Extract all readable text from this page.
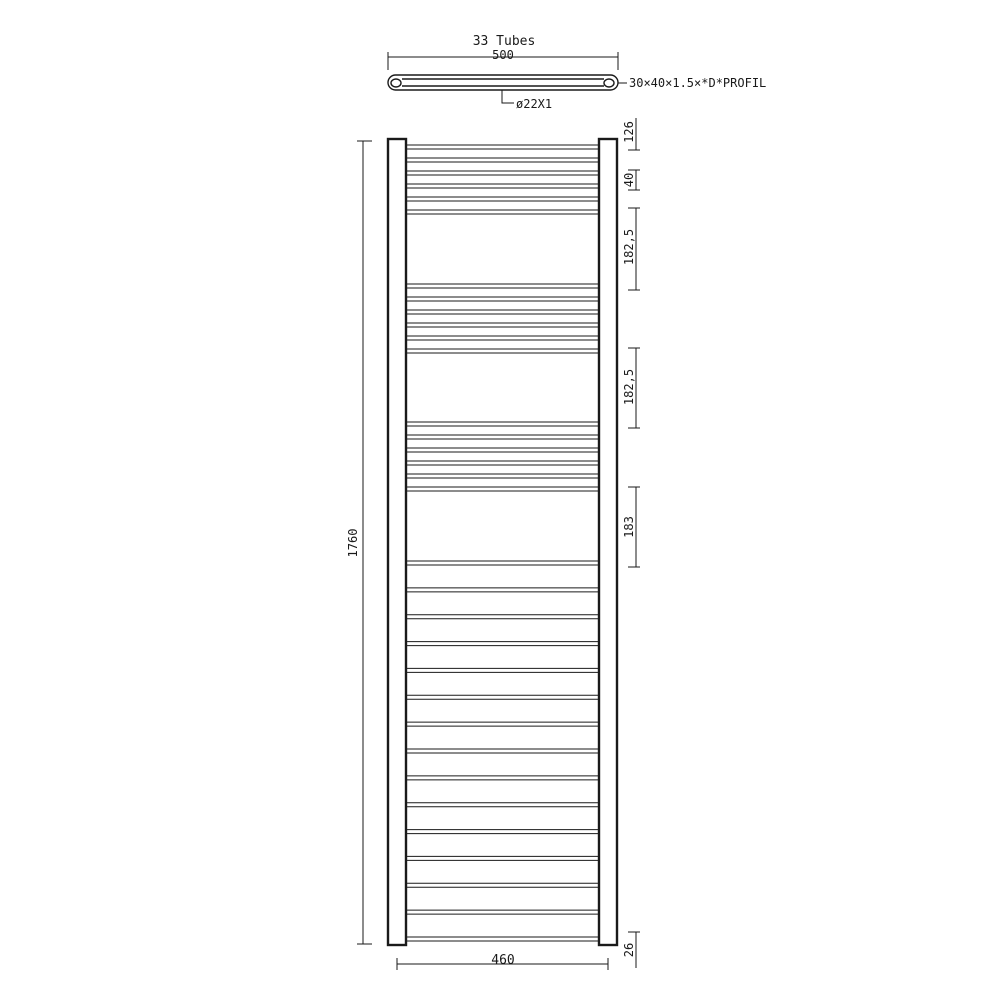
33 Tubes
500
30×40×1.5×*D*PROFIL
ø22X1
1760
126
40
182,5
182,5
183
26
460
